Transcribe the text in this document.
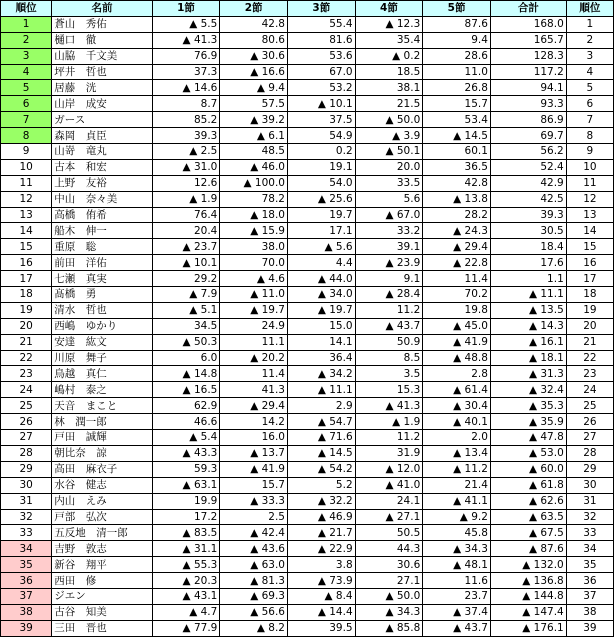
順位	名前	1節	2節	3節	4節	5節	合計	順位
1	蒼山　秀佑	▲ 5.5	42.8	55.4	▲ 12.3	87.6	168.0	1
2	樋口　徹	▲ 41.3	80.6	81.6	35.4	9.4	165.7	2
3	山脇　千文美	76.9	▲ 30.6	53.6	▲ 0.2	28.6	128.3	3
4	坪井　哲也	37.3	▲ 16.6	67.0	18.5	11.0	117.2	4
5	居藤　洸	▲ 14.6	▲ 9.4	53.2	38.1	26.8	94.1	5
6	山岸　成安	8.7	57.5	▲ 10.1	21.5	15.7	93.3	6
7	ガース	85.2	▲ 39.2	37.5	▲ 50.0	53.4	86.9	7
8	森岡　貞臣	39.3	▲ 6.1	54.9	▲ 3.9	▲ 14.5	69.7	8
9	山嵜　竜丸	▲ 2.5	48.5	0.2	▲ 50.1	60.1	56.2	9
10	古本　和宏	▲ 31.0	▲ 46.0	19.1	20.0	36.5	52.4	10
11	上野　友裕	12.6	▲ 100.0	54.0	33.5	42.8	42.9	11
12	中山　奈々美	▲ 1.9	78.2	▲ 25.6	5.6	▲ 13.8	42.5	12
13	高橋　侑希	76.4	▲ 18.0	19.7	▲ 67.0	28.2	39.3	13
14	船木　伸一	20.4	▲ 15.9	17.1	33.2	▲ 24.3	30.5	14
15	重原　聡	▲ 23.7	38.0	▲ 5.6	39.1	▲ 29.4	18.4	15
16	前田　洋佑	▲ 10.1	70.0	4.4	▲ 23.9	▲ 22.8	17.6	16
17	七瀬　真実	29.2	▲ 4.6	▲ 44.0	9.1	11.4	1.1	17
18	髙橋　勇	▲ 7.9	▲ 11.0	▲ 34.0	▲ 28.4	70.2	▲ 11.1	18
19	清水　哲也	▲ 5.1	▲ 19.7	▲ 19.7	11.2	19.8	▲ 13.5	19
20	西嶋　ゆかり	34.5	24.9	15.0	▲ 43.7	▲ 45.0	▲ 14.3	20
21	安達　紘文	▲ 50.3	11.1	14.1	50.9	▲ 41.9	▲ 16.1	21
22	川原　舞子	6.0	▲ 20.2	36.4	8.5	▲ 48.8	▲ 18.1	22
23	鳥越　真仁	▲ 14.8	11.4	▲ 34.2	3.5	2.8	▲ 31.3	23
24	嶋村　泰之	▲ 16.5	41.3	▲ 11.1	15.3	▲ 61.4	▲ 32.4	24
25	天音　まこと	62.9	▲ 29.4	2.9	▲ 41.3	▲ 30.4	▲ 35.3	25
26	林　潤一郎	46.6	14.2	▲ 54.7	▲ 1.9	▲ 40.1	▲ 35.9	26
27	戸田　誠輝	▲ 5.4	16.0	▲ 71.6	11.2	2.0	▲ 47.8	27
28	朝比奈　諒	▲ 43.3	▲ 13.7	▲ 14.5	31.9	▲ 13.4	▲ 53.0	28
29	高田　麻衣子	59.3	▲ 41.9	▲ 54.2	▲ 12.0	▲ 11.2	▲ 60.0	29
30	水谷　健志	▲ 63.1	15.7	5.2	▲ 41.0	21.4	▲ 61.8	30
31	内山　えみ	19.9	▲ 33.3	▲ 32.2	24.1	▲ 41.1	▲ 62.6	31
32	戸部　弘次	17.2	2.5	▲ 46.9	▲ 27.1	▲ 9.2	▲ 63.5	32
33	五反地　清一郎	▲ 83.5	▲ 42.4	▲ 21.7	50.5	45.8	▲ 67.5	33
34	吉野　敦志	▲ 31.1	▲ 43.6	▲ 22.9	44.3	▲ 34.3	▲ 87.6	34
35	新谷　翔平	▲ 55.3	▲ 63.0	3.8	30.6	▲ 48.1	▲ 132.0	35
36	西田　修	▲ 20.3	▲ 81.3	▲ 73.9	27.1	11.6	▲ 136.8	36
37	ジエン	▲ 43.1	▲ 69.3	▲ 8.4	▲ 50.0	23.7	▲ 144.8	37
38	古谷　知美	▲ 4.7	▲ 56.6	▲ 14.4	▲ 34.3	▲ 37.4	▲ 147.4	38
39	三田　晋也	▲ 77.9	▲ 8.2	39.5	▲ 85.8	▲ 43.7	▲ 176.1	39
